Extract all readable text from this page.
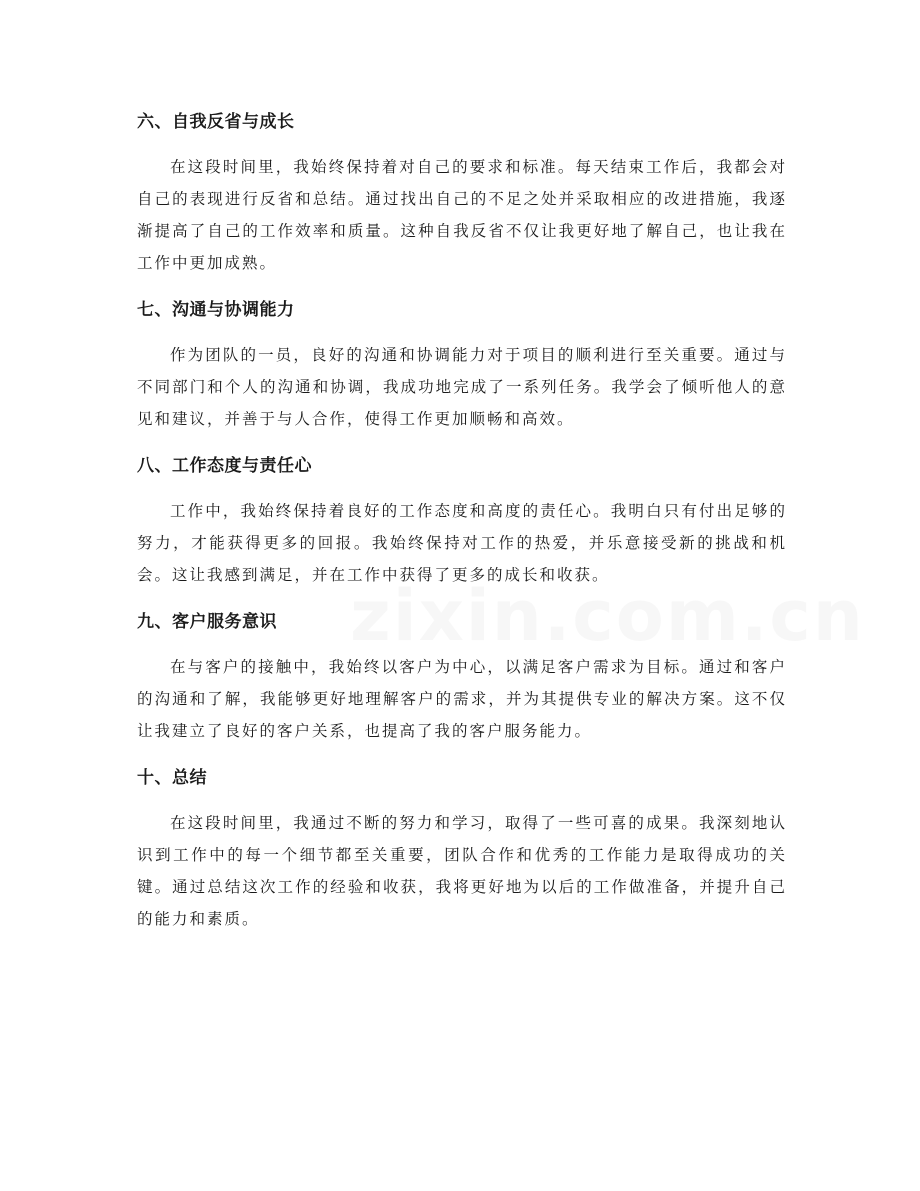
六、自我反省与成长

在这段时间里，我始终保持着对自己的要求和标准。每天结束工作后，我都会对自己的表现进行反省和总结。通过找出自己的不足之处并采取相应的改进措施，我逐渐提高了自己的工作效率和质量。这种自我反省不仅让我更好地了解自己，也让我在工作中更加成熟。

七、沟通与协调能力

作为团队的一员，良好的沟通和协调能力对于项目的顺利进行至关重要。通过与不同部门和个人的沟通和协调，我成功地完成了一系列任务。我学会了倾听他人的意见和建议，并善于与人合作，使得工作更加顺畅和高效。

八、工作态度与责任心

工作中，我始终保持着良好的工作态度和高度的责任心。我明白只有付出足够的努力，才能获得更多的回报。我始终保持对工作的热爱，并乐意接受新的挑战和机会。这让我感到满足，并在工作中获得了更多的成长和收获。

九、客户服务意识

在与客户的接触中，我始终以客户为中心，以满足客户需求为目标。通过和客户的沟通和了解，我能够更好地理解客户的需求，并为其提供专业的解决方案。这不仅让我建立了良好的客户关系，也提高了我的客户服务能力。

十、总结

在这段时间里，我通过不断的努力和学习，取得了一些可喜的成果。我深刻地认识到工作中的每一个细节都至关重要，团队合作和优秀的工作能力是取得成功的关键。通过总结这次工作的经验和收获，我将更好地为以后的工作做准备，并提升自己的能力和素质。

zixin.com.cn
